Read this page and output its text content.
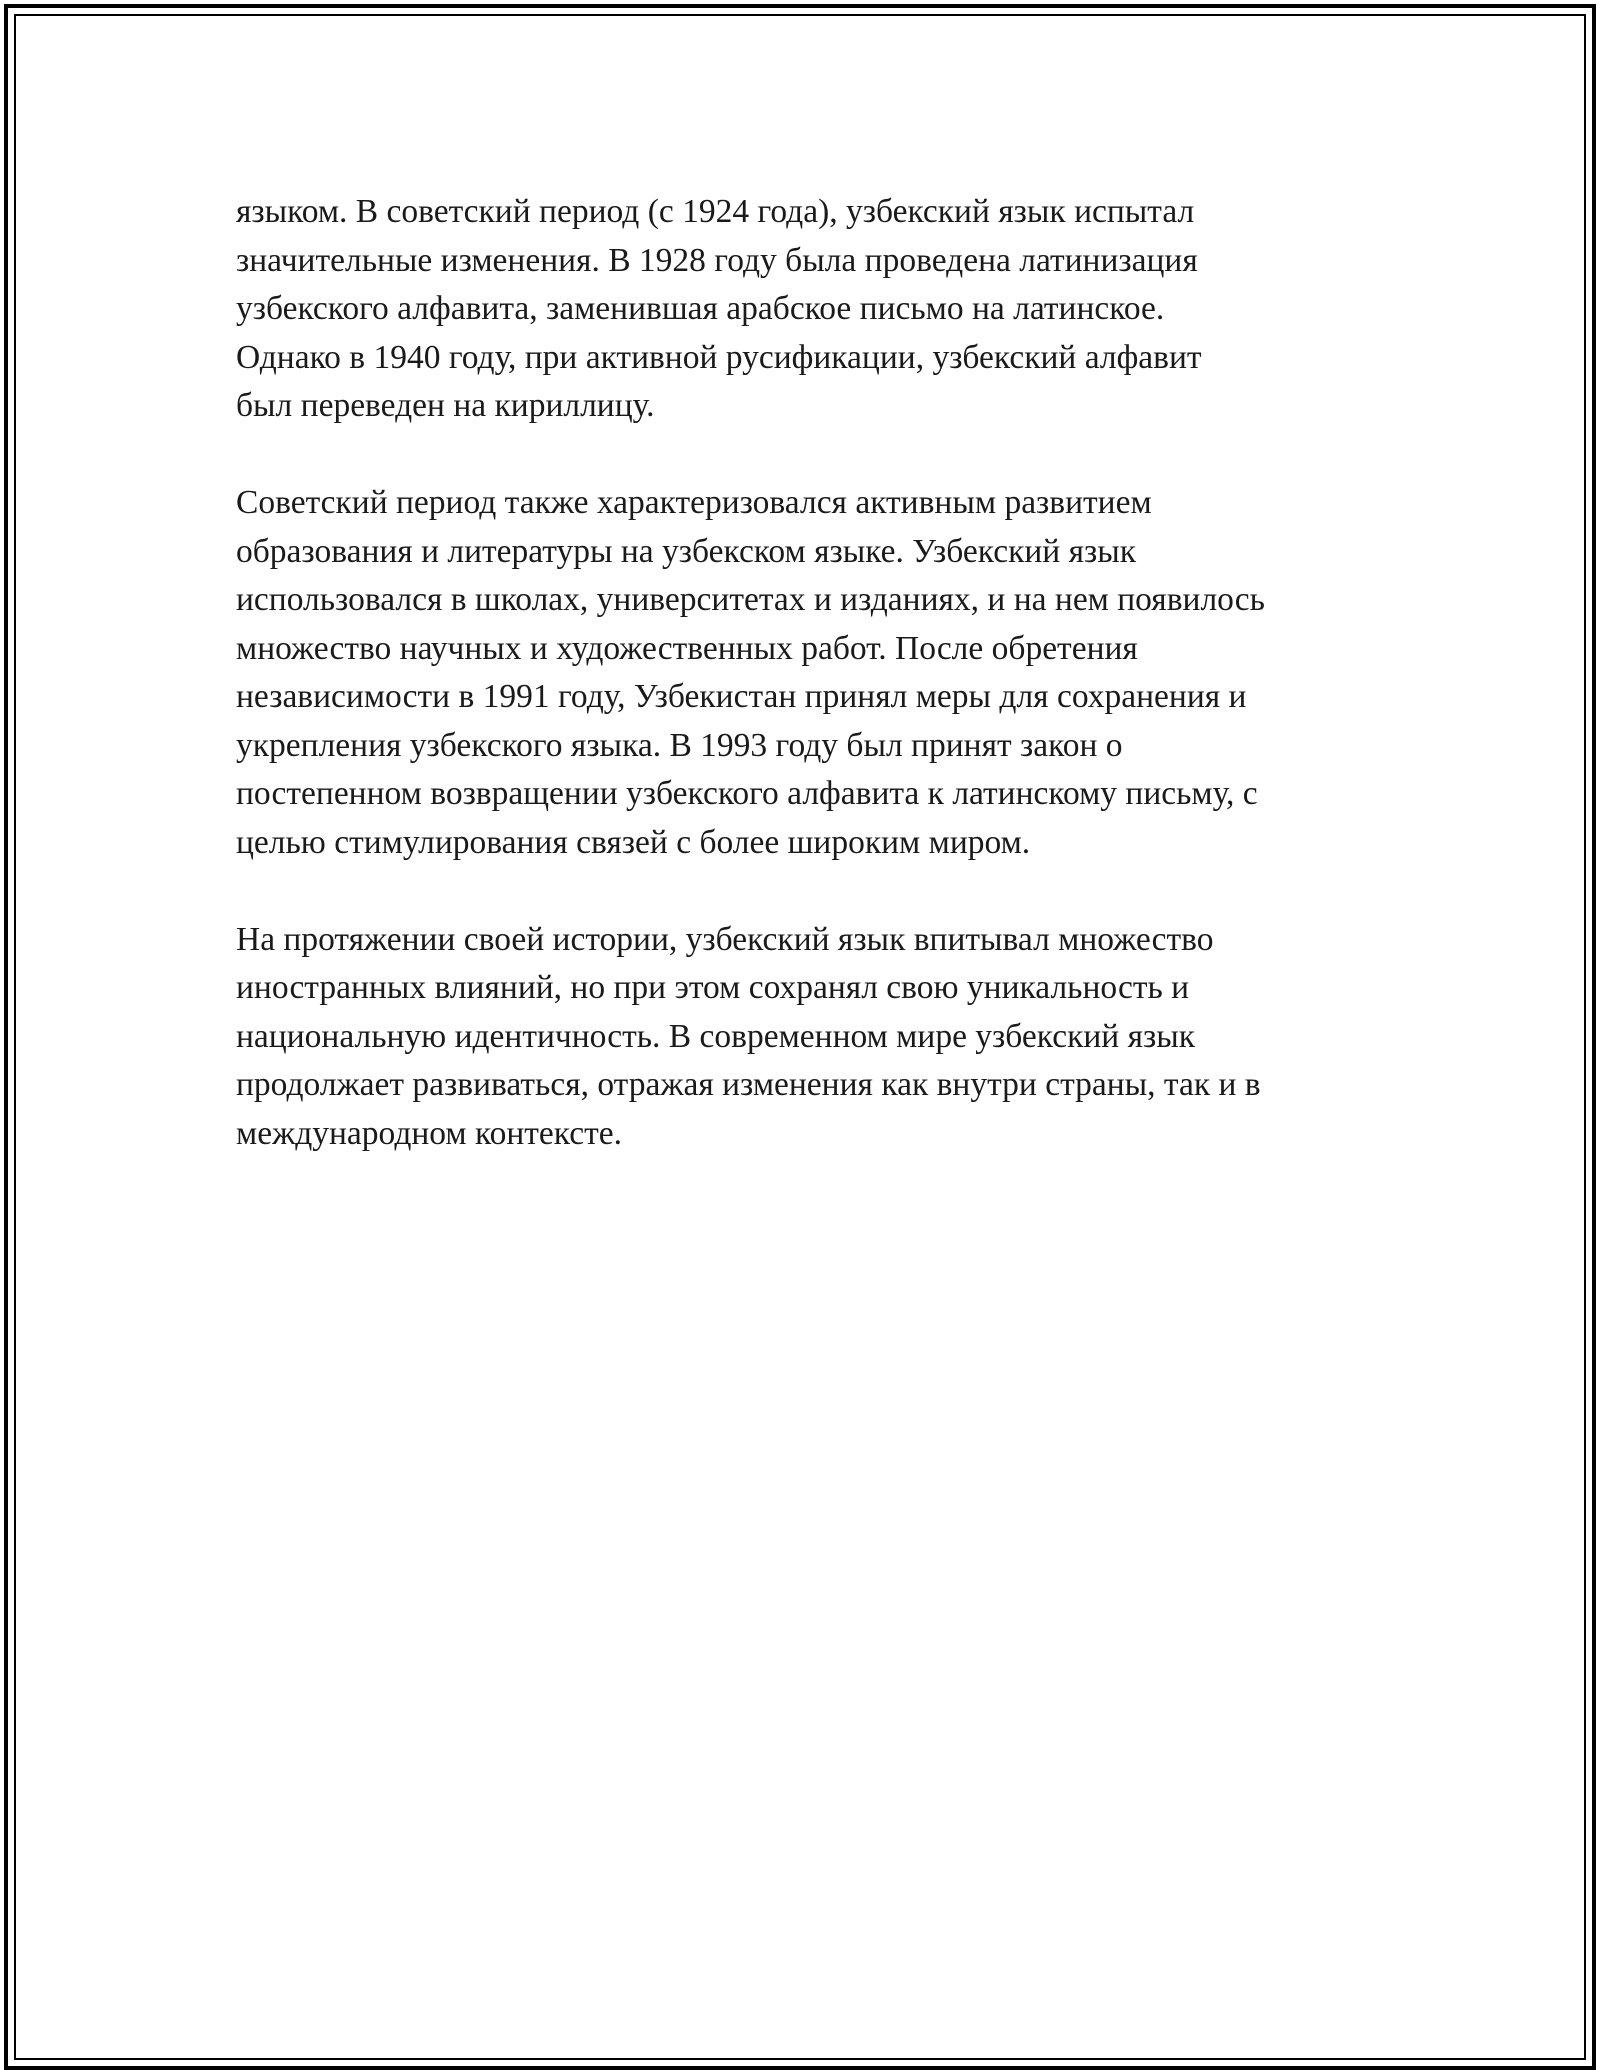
языком. В советский период (с 1924 года), узбекский язык испытал
значительные изменения. В 1928 году была проведена латинизация
узбекского алфавита, заменившая арабское письмо на латинское.
Однако в 1940 году, при активной русификации, узбекский алфавит
был переведен на кириллицу.
Советский период также характеризовался активным развитием
образования и литературы на узбекском языке. Узбекский язык
использовался в школах, университетах и изданиях, и на нем появилось
множество научных и художественных работ. После обретения
независимости в 1991 году, Узбекистан принял меры для сохранения и
укрепления узбекского языка. В 1993 году был принят закон о
постепенном возвращении узбекского алфавита к латинскому письму, с
целью стимулирования связей с более широким миром.
На протяжении своей истории, узбекский язык впитывал множество
иностранных влияний, но при этом сохранял свою уникальность и
национальную идентичность. В современном мире узбекский язык
продолжает развиваться, отражая изменения как внутри страны, так и в
международном контексте.
